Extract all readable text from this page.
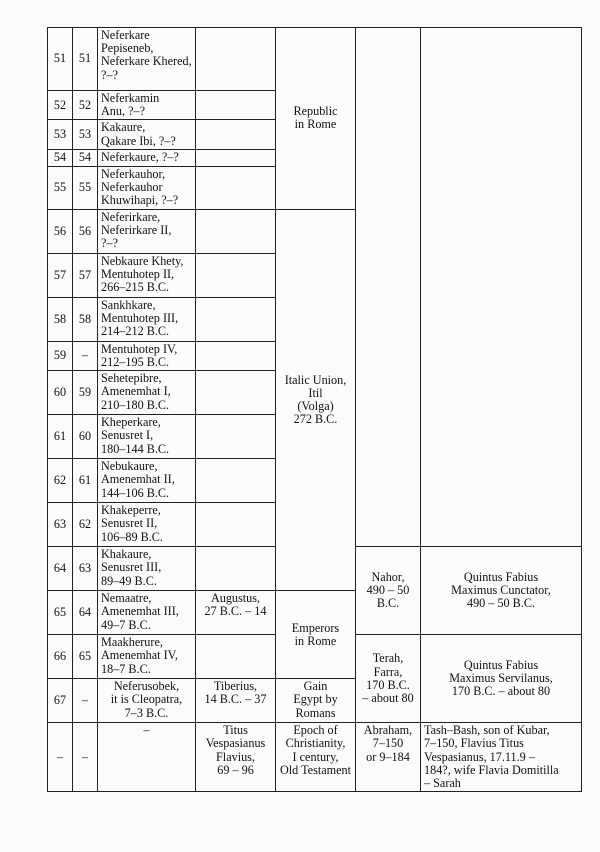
51	51	Neferkare
Pepiseneb,
Neferkare Khered,
?–?		Republic
in Rome		

52	52	Neferkamin
Anu, ?–?				

53	53	Kakaure,
Qakare Ibi, ?–?				

54	54	Neferkaure, ?–?				

55	55	Neferkauhor,
Neferkauhor
Khuwihapi, ?–?				

56	56	Neferirkare,
Neferirkare II,
?–?		Italic Union,
Itil
(Volga)
272 B.C.		

57	57	Nebkaure Khety,
Mentuhotep II,
266–215 B.C.				

58	58	Sankhkare,
Mentuhotep III,
214–212 B.C.				

59	–	Mentuhotep IV,
212–195 B.C.				

60	59	Sehetepibre,
Amenemhat I,
210–180 B.C.				

61	60	Kheperkare,
Senusret I,
180–144 B.C.				

62	61	Nebukaure,
Amenemhat II,
144–106 B.C.				

63	62	Khakeperre,
Senusret II,
106–89 B.C.				

64	63	Khakaure,
Senusret III,
89–49 B.C.			Nahor,
490 – 50
B.C.	Quintus Fabius
Maximus Cunctator,
490 – 50 B.C.

65	64	Nemaatre,
Amenemhat III,
49–7 B.C.	Augustus,
27 B.C. – 14	Emperors
in Rome		

66	65	Maakherure,
Amenemhat IV,
18–7 B.C.			Terah, Farra,
170 B.C.
– about 80	Quintus Fabius
Maximus Servilanus,
170 B.C. – about 80

67	–	Neferusobek,
it is Cleopatra,
7–3 B.C.	Tiberius,
14 B.C. – 37	Gain
Egypt by
Romans		

–	–	–	Titus
Vespasianus
Flavius,
69 – 96	Epoch of
Christianity,
I century,
Old Testament	Abraham,
7–150
or 9–184	Tash–Bash, son of Kubar,
7–150, Flavius Titus
Vespasianus, 17.11.9 –
184?, wife Flavia Domitilla
– Sarah
